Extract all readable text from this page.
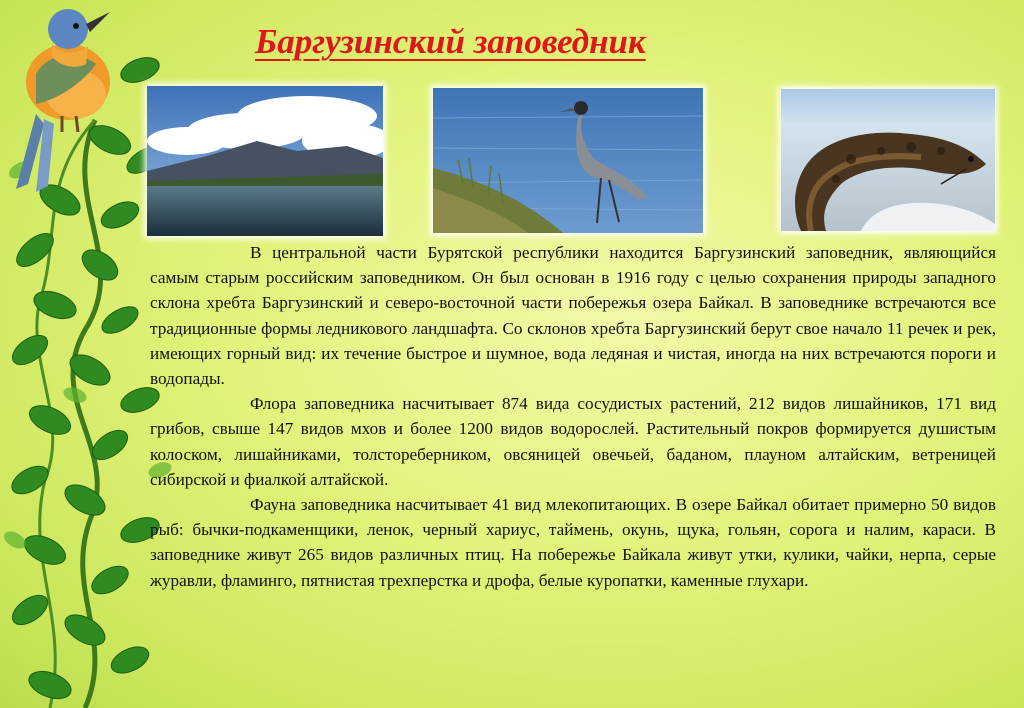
Баргузинский заповедник

В центральной части Бурятской республики находится Баргузинский заповедник, являющийся самым старым российским заповедником. Он был основан в 1916 году с целью сохранения природы западного склона хребта Баргузинский и северо-восточной части побережья озера Байкал. В заповеднике встречаются все традиционные формы ледникового ландшафта. Со склонов хребта Баргузинский берут свое начало 11 речек и рек, имеющих горный вид: их течение быстрое и шумное, вода ледяная и чистая, иногда на них встречаются пороги и водопады.

Флора заповедника насчитывает 874 вида сосудистых растений, 212 видов лишайников, 171 вид грибов, свыше 147 видов мхов и более 1200 видов водорослей. Растительный покров формируется душистым колоском, лишайниками, толстореберником, овсяницей овечьей, баданом, плауном алтайским, ветреницей сибирской и фиалкой алтайской.

Фауна заповедника насчитывает 41 вид млекопитающих. В озере Байкал обитает примерно 50 видов рыб: бычки-подкаменщики, ленок, черный хариус, таймень, окунь, щука, гольян, сорога и налим, караси. В заповеднике живут 265 видов различных птиц. На побережье Байкала живут утки, кулики, чайки, нерпа, серые журавли, фламинго, пятнистая трехперстка и дрофа, белые куропатки, каменные глухари.
